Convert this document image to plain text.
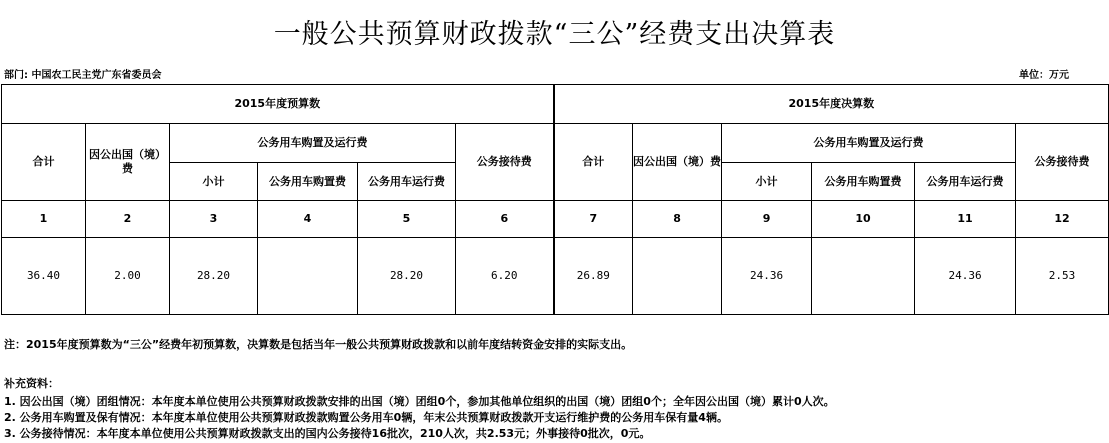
一般公共预算财政拨款“三公”经费支出决算表
部门: 中国农工民主党广东省委员会	单位：万元
2015年度预算数						2015年度决算数					
合计	因公出国（境）费	公务用车购置及运行费			公务接待费	合计	因公出国（境）费	公务用车购置及运行费			公务接待费
		小计	公务用车购置费	公务用车运行费				小计	公务用车购置费	公务用车运行费	
1	2	3	4	5	6	7	8	9	10	11	12
36.40	2.00	28.20		28.20	6.20	26.89		24.36		24.36	2.53
注：2015年度预算数为“三公”经费年初预算数，决算数是包括当年一般公共预算财政拨款和以前年度结转资金安排的实际支出。
补充资料：
1. 因公出国（境）团组情况：本年度本单位使用公共预算财政拨款安排的出国（境）团组0个，参加其他单位组织的出国（境）团组0个；全年因公出国（境）累计0人次。
2. 公务用车购置及保有情况：本年度本单位使用公共预算财政拨款购置公务用车0辆，年末公共预算财政拨款开支运行维护费的公务用车保有量4辆。
3. 公务接待情况：本年度本单位使用公共预算财政拨款支出的国内公务接待16批次，210人次，共2.53元；外事接待0批次，0元。
